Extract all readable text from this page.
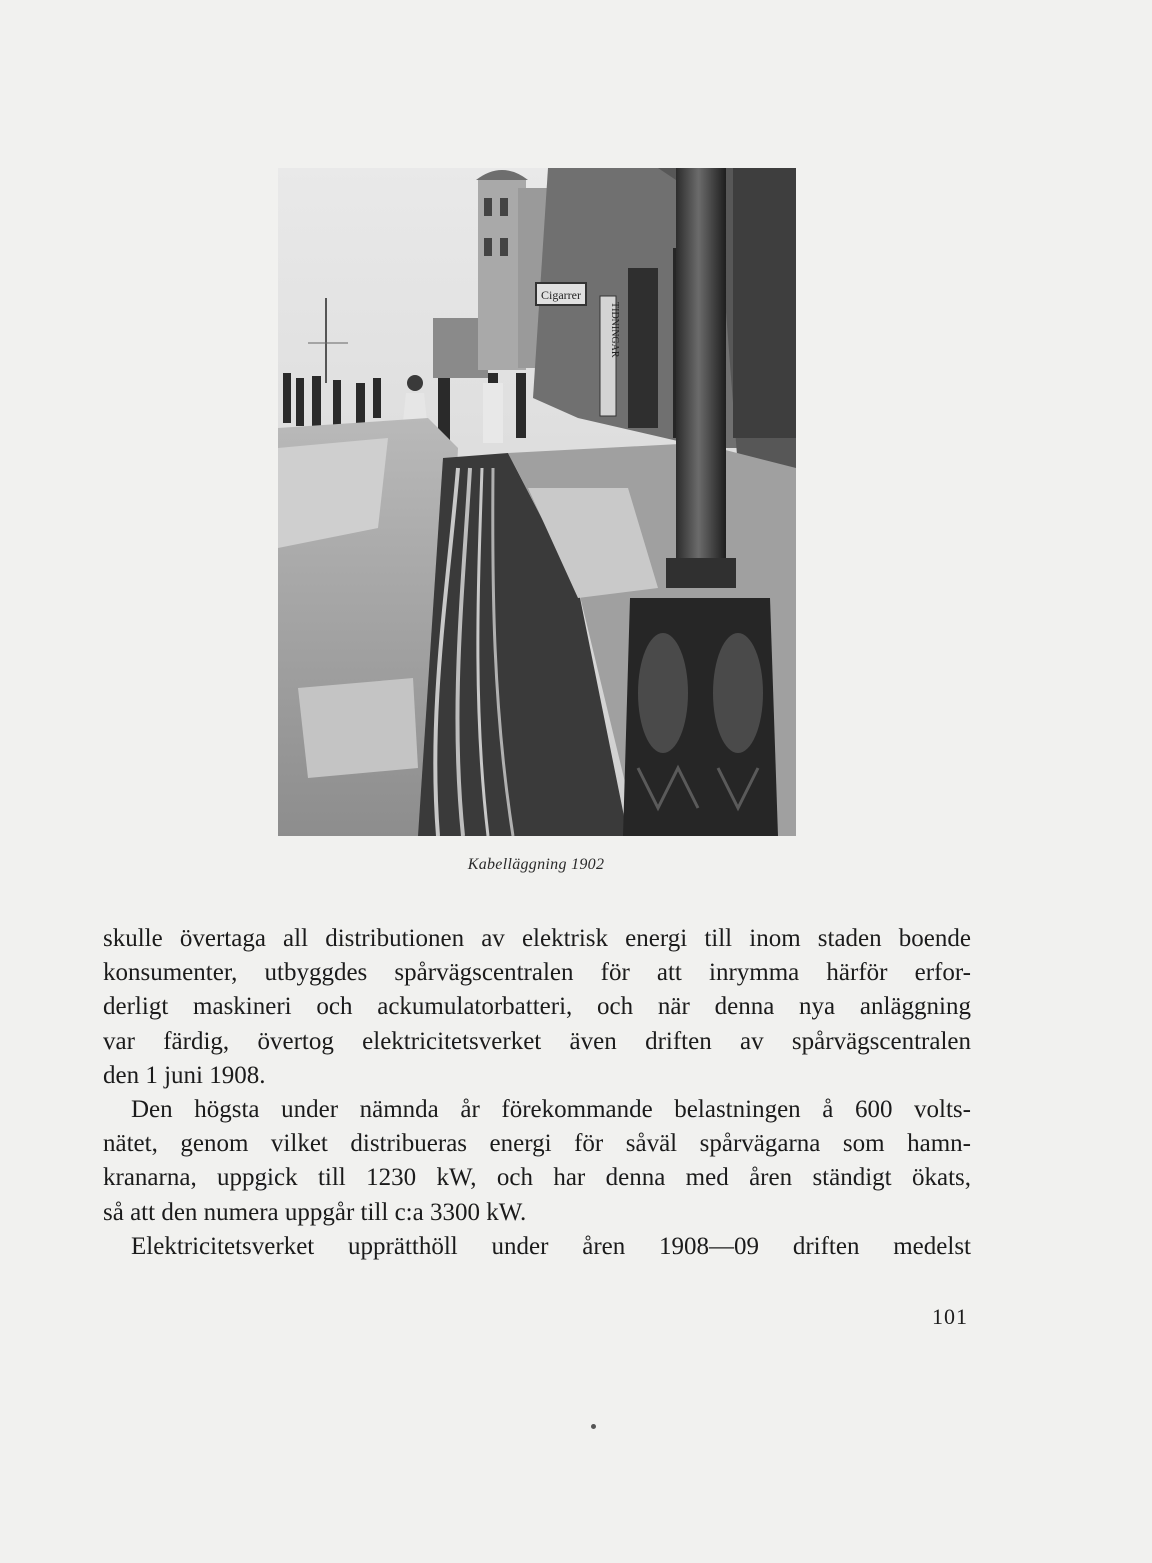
Cigarrer
TIDNINGAR
Kabelläggning 1902
skulle övertaga all distributionen av elektrisk energi till inom staden boende
konsumenter, utbyggdes spårvägscentralen för att inrymma härför erfor-
derligt maskineri och ackumulatorbatteri, och när denna nya anläggning
var färdig, övertog elektricitetsverket även driften av spårvägscentralen
den 1 juni 1908.
Den högsta under nämnda år förekommande belastningen å 600 volts-
nätet, genom vilket distribueras energi för såväl spårvägarna som hamn-
kranarna, uppgick till 1230 kW, och har denna med åren ständigt ökats,
så att den numera uppgår till c:a 3300 kW.
Elektricitetsverket upprätthöll under åren 1908—09 driften medelst
101
